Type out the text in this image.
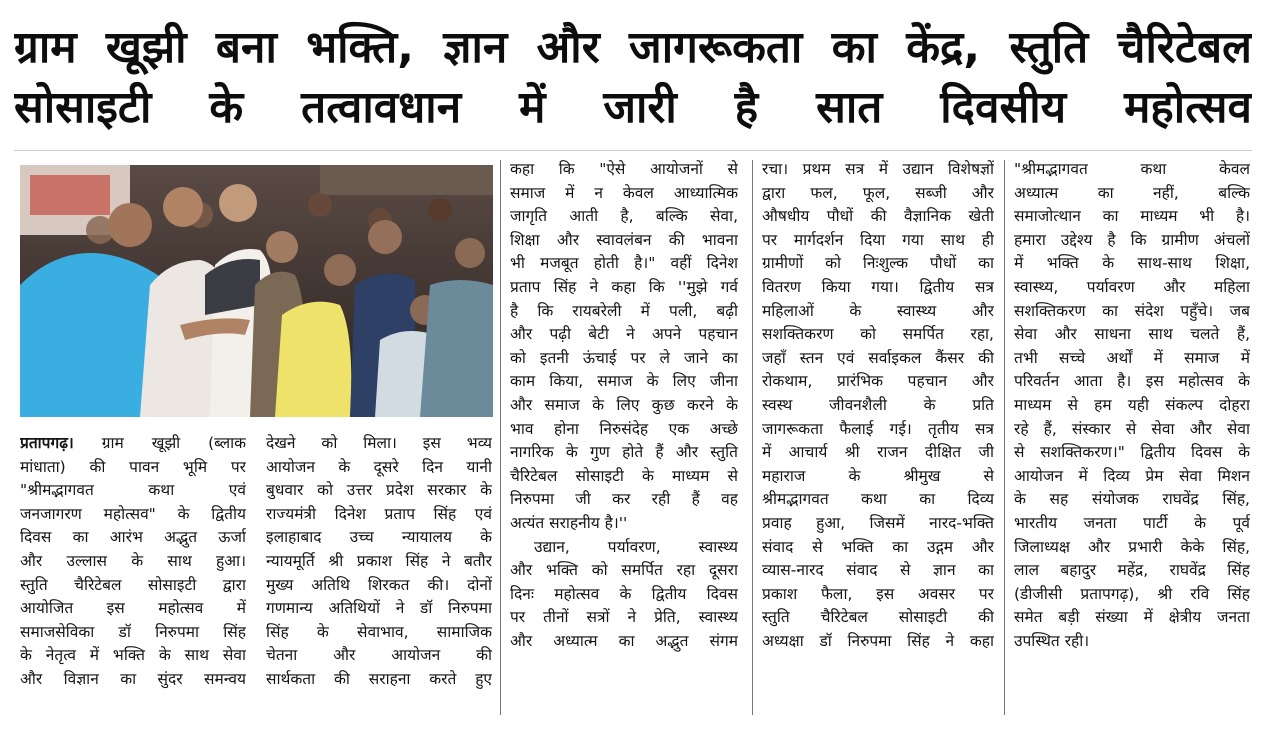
ग्राम खूझी बना भक्ति, ज्ञान और जागरूकता का केंद्र, स्तुति चैरिटेबल
सोसाइटी के तत्वावधान में जारी है सात दिवसीय महोत्सव
प्रतापगढ़। ग्राम खूझी (ब्लाक
मांधाता) की पावन भूमि पर
"श्रीमद्भागवत कथा एवं
जनजागरण महोत्सव" के द्वितीय
दिवस का आरंभ अद्भुत ऊर्जा
और उल्लास के साथ हुआ।
स्तुति चैरिटेबल सोसाइटी द्वारा
आयोजित इस महोत्सव में
समाजसेविका डॉ निरुपमा सिंह
के नेतृत्व में भक्ति के साथ सेवा
और विज्ञान का सुंदर समन्वय
देखने को मिला। इस भव्य
आयोजन के दूसरे दिन यानी
बुधवार को उत्तर प्रदेश सरकार के
राज्यमंत्री दिनेश प्रताप सिंह एवं
इलाहाबाद उच्च न्यायालय के
न्यायमूर्ति श्री प्रकाश सिंह ने बतौर
मुख्य अतिथि शिरकत की। दोनों
गणमान्य अतिथियों ने डॉ निरुपमा
सिंह के सेवाभाव, सामाजिक
चेतना और आयोजन की
सार्थकता की सराहना करते हुए
कहा कि "ऐसे आयोजनों से
समाज में न केवल आध्यात्मिक
जागृति आती है, बल्कि सेवा,
शिक्षा और स्वावलंबन की भावना
भी मजबूत होती है।" वहीं दिनेश
प्रताप सिंह ने कहा कि ''मुझे गर्व
है कि रायबरेली में पली, बढ़ी
और पढ़ी बेटी ने अपने पहचान
को इतनी ऊंचाई पर ले जाने का
काम किया, समाज के लिए जीना
और समाज के लिए कुछ करने के
भाव होना निरुसंदेह एक अच्छे
नागरिक के गुण होते हैं और स्तुति
चैरिटेबल सोसाइटी के माध्यम से
निरुपमा जी कर रही हैं वह
अत्यंत सराहनीय है।''
उद्यान, पर्यावरण, स्वास्थ्य
और भक्ति को समर्पित रहा दूसरा
दिनः महोत्सव के द्वितीय दिवस
पर तीनों सत्रों ने प्रेति, स्वास्थ्य
और अध्यात्म का अद्भुत संगम
रचा। प्रथम सत्र में उद्यान विशेषज्ञों
द्वारा फल, फूल, सब्जी और
औषधीय पौधों की वैज्ञानिक खेती
पर मार्गदर्शन दिया गया साथ ही
ग्रामीणों को निःशुल्क पौधों का
वितरण किया गया। द्वितीय सत्र
महिलाओं के स्वास्थ्य और
सशक्तिकरण को समर्पित रहा,
जहाँ स्तन एवं सर्वाइकल कैंसर की
रोकथाम, प्रारंभिक पहचान और
स्वस्थ जीवनशैली के प्रति
जागरूकता फैलाई गई। तृतीय सत्र
में आचार्य श्री राजन दीक्षित जी
महाराज के श्रीमुख से
श्रीमद्भागवत कथा का दिव्य
प्रवाह हुआ, जिसमें नारद-भक्ति
संवाद से भक्ति का उद्गम और
व्यास-नारद संवाद से ज्ञान का
प्रकाश फैला, इस अवसर पर
स्तुति चैरिटेबल सोसाइटी की
अध्यक्षा डॉ निरुपमा सिंह ने कहा
"श्रीमद्भागवत कथा केवल
अध्यात्म का नहीं, बल्कि
समाजोत्थान का माध्यम भी है।
हमारा उद्देश्य है कि ग्रामीण अंचलों
में भक्ति के साथ-साथ शिक्षा,
स्वास्थ्य, पर्यावरण और महिला
सशक्तिकरण का संदेश पहुँचे। जब
सेवा और साधना साथ चलते हैं,
तभी सच्चे अर्थों में समाज में
परिवर्तन आता है। इस महोत्सव के
माध्यम से हम यही संकल्प दोहरा
रहे हैं, संस्कार से सेवा और सेवा
से सशक्तिकरण।" द्वितीय दिवस के
आयोजन में दिव्य प्रेम सेवा मिशन
के सह संयोजक राघवेंद्र सिंह,
भारतीय जनता पार्टी के पूर्व
जिलाध्यक्ष और प्रभारी केके सिंह,
लाल बहादुर महेंद्र, राघवेंद्र सिंह
(डीजीसी प्रतापगढ़), श्री रवि सिंह
समेत बड़ी संख्या में क्षेत्रीय जनता
उपस्थित रही।
